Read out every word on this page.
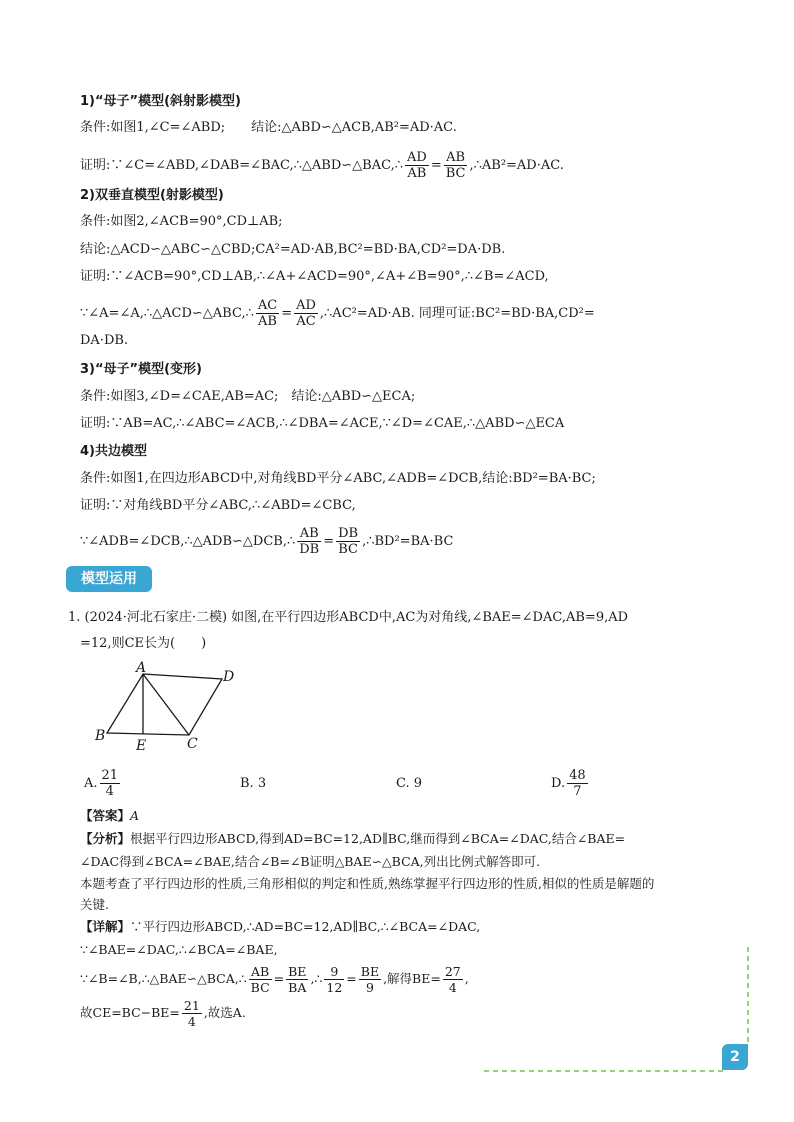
1)“母子”模型(斜射影模型)
条件:如图1,∠C=∠ABD;　　结论:△ABD∽△ACB,AB²=AD·AC.
证明:∵∠C=∠ABD,∠DAB=∠BAC,∴△ABD∽△BAC,∴ $\frac{AD}{AB} = \frac{AB}{BC}$ ,∴AB²=AD·AC.
2)双垂直模型(射影模型)
条件:如图2,∠ACB=90°,CD⊥AB;
结论:△ACD∽△ABC∽△CBD;CA²=AD·AB,BC²=BD·BA,CD²=DA·DB.
证明:∵∠ACB=90°,CD⊥AB,∴∠A+∠ACD=90°,∠A+∠B=90°,∴∠B=∠ACD,
∵∠A=∠A,∴△ACD∽△ABC,∴ $\frac{AC}{AB} = \frac{AD}{AC}$ ,∴AC²=AD·AB. 同理可证:BC²=BD·BA,CD²=
DA·DB.
3)“母子”模型(变形)
条件:如图3,∠D=∠CAE,AB=AC;　结论:△ABD∽△ECA;
证明:∵AB=AC,∴∠ABC=∠ACB,∴∠DBA=∠ACE,∵∠D=∠CAE,∴△ABD∽△ECA
4)共边模型
条件:如图1,在四边形ABCD中,对角线BD平分∠ABC,∠ADB=∠DCB,结论:BD²=BA·BC;
证明:∵对角线BD平分∠ABC,∴∠ABD=∠CBC,
∵∠ADB=∠DCB,∴△ADB∽△DCB,∴ $\frac{AB}{DB} = \frac{DB}{BC}$ ,∴BD²=BA·BC
模型运用
1. (2024·河北石家庄·二模) 如图,在平行四边形ABCD中,AC为对角线,∠BAE=∠DAC,AB=9,AD
=12,则CE长为(　　)
A
D
B
E	C
A. $\frac{21}{4}$	B. 3	C. 9	D. $\frac{48}{7}$
【答案】A
【分析】根据平行四边形ABCD,得到AD=BC=12,AD∥BC,继而得到∠BCA=∠DAC,结合∠BAE=
∠DAC得到∠BCA=∠BAE,结合∠B=∠B证明△BAE∽△BCA,列出比例式解答即可.
本题考查了平行四边形的性质,三角形相似的判定和性质,熟练掌握平行四边形的性质,相似的性质是解题的
关键.
【详解】∵平行四边形ABCD,∴AD=BC=12,AD∥BC,∴∠BCA=∠DAC,
∵∠BAE=∠DAC,∴∠BCA=∠BAE,
∵∠B=∠B,∴△BAE∽△BCA,∴ $\frac{AB}{BC} = \frac{BE}{BA}$ ,∴ $\frac{9}{12} = \frac{BE}{9}$ ,解得$BE= \frac{27}{4}$ ,
故$CE=BC-BE= \frac{21}{4}$ ,故选A.
2
